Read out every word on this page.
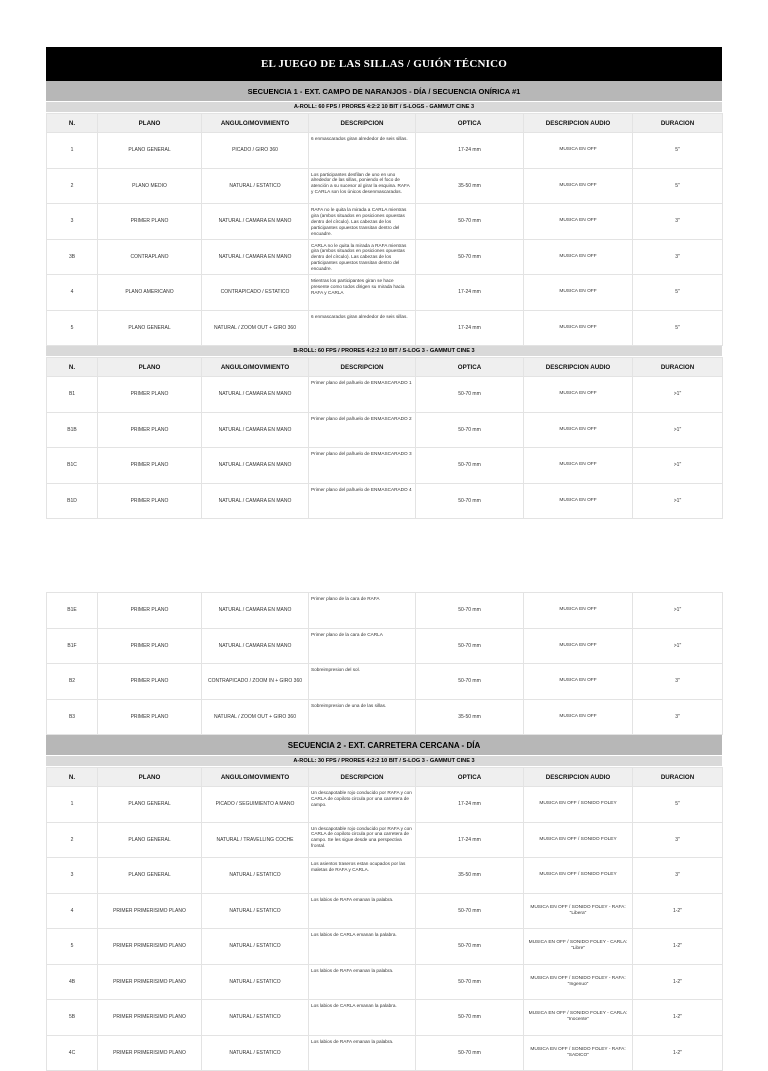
EL JUEGO DE LAS SILLAS / GUIÓN TÉCNICO
SECUENCIA 1 - EXT. CAMPO DE NARANJOS - DÍA / SECUENCIA ONÍRICA #1
A-ROLL: 60 FPS / PRORES 4:2:2 10 BIT / S-LOGS - GAMMUT CINE 3
N.	PLANO	ANGULO/MOVIMIENTO	DESCRIPCION	OPTICA	DESCRIPCION AUDIO	DURACION
1	PLANO GENERAL	PICADO / GIRO 360	6 enmascarados giran alrededor de seis sillas.	17-24 mm	MUSICA EN OFF	5"
2	PLANO MEDIO	NATURAL / ESTATICO	Los participantes desfilan de uno en uno alrededor de las sillas, poniendo el foco de atención a su sucesor al girar la esquina. RAFA y CARLA son los únicos desenmascarados.	35-50 mm	MUSICA EN OFF	5"
3	PRIMER PLANO	NATURAL / CAMARA EN MANO	RAFA no le quita la mirada a CARLA mientras gira (ambos situados en posiciones opuestas dentro del círculo). Las cabezas de los participantes opuestos transitan dentro del encuadre.	50-70 mm	MUSICA EN OFF	3"
3B	CONTRAPLANO	NATURAL / CAMARA EN MANO	CARLA no le quita la mirada a RAFA mientras gira (ambos situados en posiciones opuestas dentro del círculo). Las cabezas de los participantes opuestos transitan dentro del encuadre.	50-70 mm	MUSICA EN OFF	3"
4	PLANO AMERICANO	CONTRAPICADO / ESTATICO	Mientras los participantes giran se hace presente como todos dirigen su mirada hacia RAFA y CARLA	17-24 mm	MUSICA EN OFF	5"
5	PLANO GENERAL	NATURAL / ZOOM OUT + GIRO 360	6 enmascarados giran alrededor de seis sillas.	17-24 mm	MUSICA EN OFF	5"
B-ROLL: 60 FPS / PRORES 4:2:2 10 BIT / S-LOG 3 - GAMMUT CINE 3
N.	PLANO	ANGULO/MOVIMIENTO	DESCRIPCION	OPTICA	DESCRIPCION AUDIO	DURACION
B1	PRIMER PLANO	NATURAL / CAMARA EN MANO	Primer plano del pañuelo de ENMASCARADO 1	50-70 mm	MUSICA EN OFF	>1"
B1B	PRIMER PLANO	NATURAL / CAMARA EN MANO	Primer plano del pañuelo de ENMASCARADO 2	50-70 mm	MUSICA EN OFF	>1"
B1C	PRIMER PLANO	NATURAL / CAMARA EN MANO	Primer plano del pañuelo de ENMASCARADO 3	50-70 mm	MUSICA EN OFF	>1"
B1D	PRIMER PLANO	NATURAL / CAMARA EN MANO	Primer plano del pañuelo de ENMASCARADO 4	50-70 mm	MUSICA EN OFF	>1"
B1E	PRIMER PLANO	NATURAL / CAMARA EN MANO	Primer plano de la cara de RAFA	50-70 mm	MUSICA EN OFF	>1"
B1F	PRIMER PLANO	NATURAL / CAMARA EN MANO	Primer plano de la cara de CARLA	50-70 mm	MUSICA EN OFF	>1"
B2	PRIMER PLANO	CONTRAPICADO / ZOOM IN + GIRO 360	Sobreimpresion del sol.	50-70 mm	MUSICA EN OFF	3"
B3	PRIMER PLANO	NATURAL / ZOOM OUT + GIRO 360	Sobreimpresion de una de las sillas.	35-50 mm	MUSICA EN OFF	3"
SECUENCIA 2 - EXT. CARRETERA CERCANA - DÍA
A-ROLL: 30 FPS / PRORES 4:2:2 10 BIT / S-LOG 3 - GAMMUT CINE 3
N.	PLANO	ANGULO/MOVIMIENTO	DESCRIPCION	OPTICA	DESCRIPCION AUDIO	DURACION
1	PLANO GENERAL	PICADO / SEGUIMIENTO A MANO	Un descapotable rojo conducido por RAFA y con CARLA de copiloto circula por una carretera de campo.	17-24 mm	MUSICA EN OFF / SONIDO FOLEY	5"
2	PLANO GENERAL	NATURAL / TRAVELLING COCHE	Un descapotable rojo conducido por RAFA y con CARLA de copiloto circula por una carretera de campo. Se les sigue desde una perspectiva frontal.	17-24 mm	MUSICA EN OFF / SONIDO FOLEY	3"
3	PLANO GENERAL	NATURAL / ESTATICO	Los asientos traseros estan ocupados por las maletas de RAFA y CARLA.	35-50 mm	MUSICA EN OFF / SONIDO FOLEY	3"
4	PRIMER PRIMERISIMO PLANO	NATURAL / ESTATICO	Los labios de RAFA emanan la palabra.	50-70 mm	MUSICA EN OFF / SONIDO FOLEY - RAFA: "Libera"	1-2"
5	PRIMER PRIMERISIMO PLANO	NATURAL / ESTATICO	Los labios de CARLA emanan la palabra.	50-70 mm	MUSICA EN OFF / SONIDO FOLEY - CARLA: "Libre"	1-2"
4B	PRIMER PRIMERISIMO PLANO	NATURAL / ESTATICO	Los labios de RAFA emanan la palabra.	50-70 mm	MUSICA EN OFF / SONIDO FOLEY - RAFA: "Ingenuo"	1-2"
5B	PRIMER PRIMERISIMO PLANO	NATURAL / ESTATICO	Los labios de CARLA emanan la palabra.	50-70 mm	MUSICA EN OFF / SONIDO FOLEY - CARLA: "Inocente"	1-2"
4C	PRIMER PRIMERISIMO PLANO	NATURAL / ESTATICO	Los labios de RAFA emanan la palabra.	50-70 mm	MUSICA EN OFF / SONIDO FOLEY - RAFA: "SADICO"	1-2"
